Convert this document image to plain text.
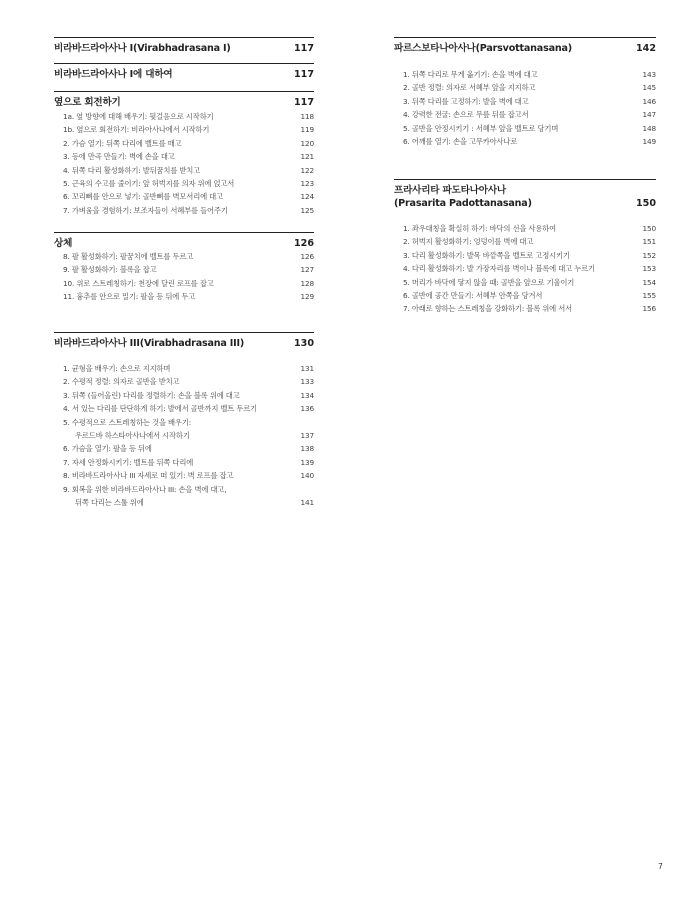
비라바드라아사나 I(Virabhadrasana I)	117
비라바드라아사나 I에 대하여	117
옆으로 회전하기	117
1a. 옆 방향에 대해 배우기: 뒷걸음으로 시작하기	118
1b. 옆으로 회전하기: 비라아사나에서 시작하기	119
2. 가슴 열기: 뒤쪽 다리에 벨트를 매고	120
3. 등에 만곡 만들기: 벽에 손을 대고	121
4. 뒤쪽 다리 활성화하기: 발뒤꿈치를 받치고	122
5. 근육의 수고를 줄이기: 앞 허벅지를 의자 위에 얹고서	123
6. 꼬리뼈를 안으로 넣기: 골반뼈를 벽모서리에 대고	124
7. 가벼움을 경험하기: 보조자들이 서혜부를 들어주기	125
상체	126
8. 팔 활성화하기: 팔꿈치에 벨트를 두르고	126
9. 팔 활성화하기: 블록을 잡고	127
10. 위로 스트레칭하기: 천장에 달린 로프를 잡고	128
11. 흉추를 안으로 밀기: 팔을 등 뒤에 두고	129
비라바드라아사나 III(Virabhadrasana III)	130
1. 균형을 배우기: 손으로 지지하며	131
2. 수평적 정렬: 의자로 골반을 받치고	133
3. 뒤쪽 (들어올린) 다리를 정렬하기: 손을 블록 위에 대고	134
4. 서 있는 다리를 단단하게 하기: 발에서 골반까지 벨트 두르기	136
5. 수평적으로 스트레칭하는 것을 배우기:
우르드바 하스타아사나에서 시작하기	137
6. 가슴을 열기: 팔을 등 뒤에	138
7. 자세 안정화시키기: 벨트를 뒤쪽 다리에	139
8. 비라바드라아사나 III 자세로 떠 있기: 벽 로프를 잡고	140
9. 회복을 위한 비라바드라아사나 III: 손을 벽에 대고,
뒤쪽 다리는 스툴 위에	141
파르스보타나아사나(Parsvottanasana)	142
1. 뒤쪽 다리로 무게 옮기기: 손을 벽에 대고	143
2. 골반 정렬: 의자로 서혜부 앞을 지지하고	145
3. 뒤쪽 다리를 고정하기: 발을 벽에 대고	146
4. 강력한 전굴: 손으로 무릎 뒤를 잡고서	147
5. 골반을 안정시키기 : 서혜부 앞을 벨트로 당기며	148
6. 어깨를 열기: 손을 고무카아사나로	149
프라사리타 파도타나아사나
(Prasarita Padottanasana)	150
1. 좌우대칭을 확실히 하기: 바닥의 선을 사용하여	150
2. 허벅지 활성화하기: 엉덩이를 벽에 대고	151
3. 다리 활성화하기: 발목 바깥쪽을 벨트로 고정시키기	152
4. 다리 활성화하기: 발 가장자리를 벽이나 블록에 대고 누르기	153
5. 머리가 바닥에 닿지 않을 때: 골반을 앞으로 기울이기	154
6. 골반에 공간 만들기: 서혜부 안쪽을 당겨서	155
7. 아래로 향하는 스트레칭을 강화하기: 블록 위에 서서	156
7
